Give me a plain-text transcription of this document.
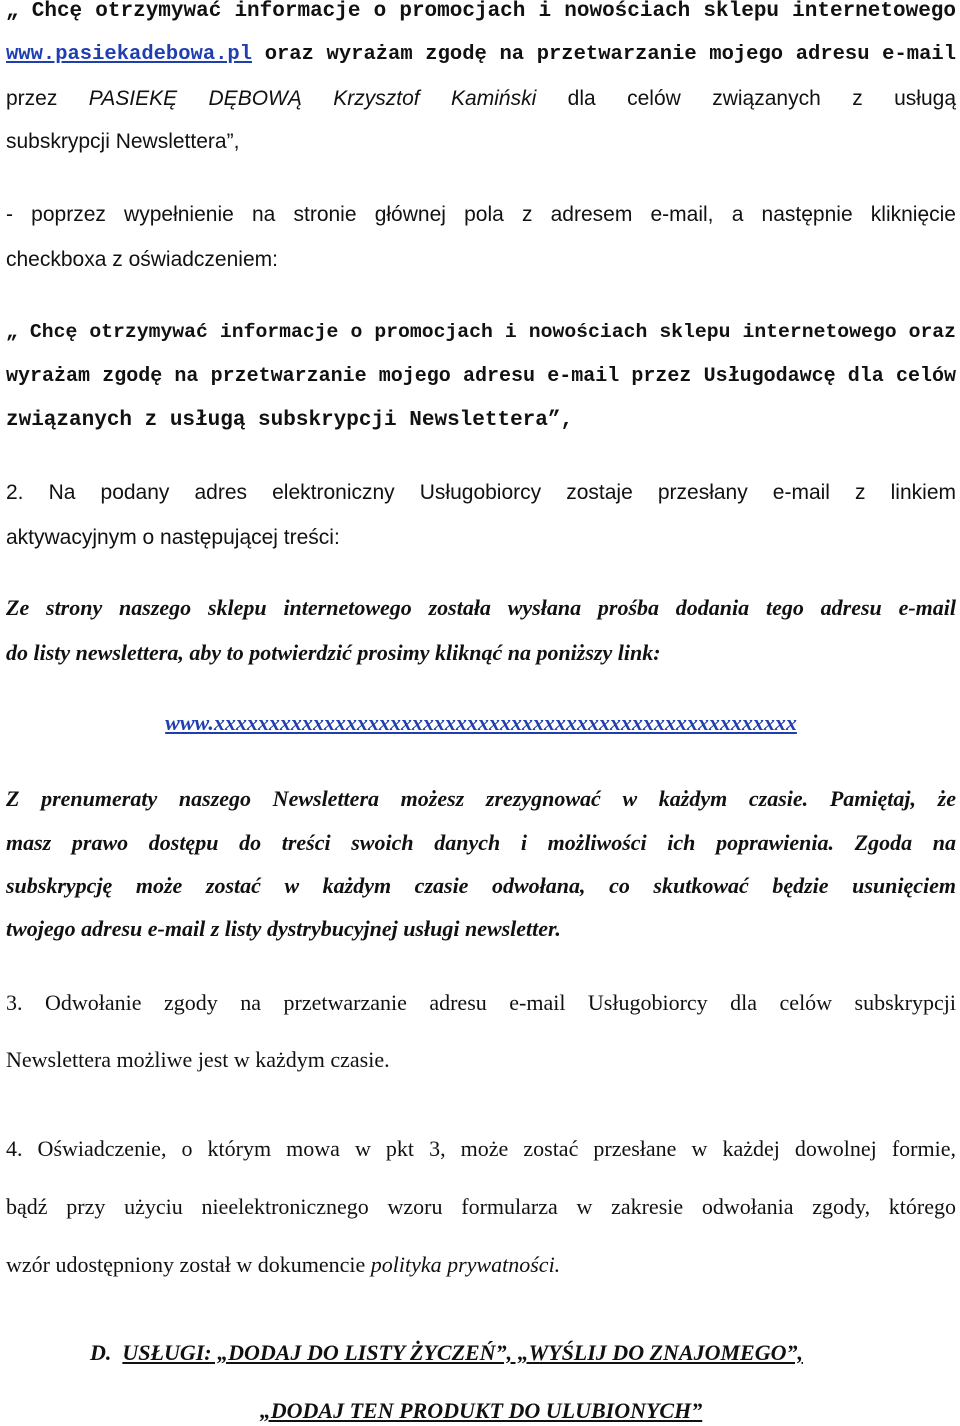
„ Chcę otrzymywać informacje o promocjach i nowościach sklepu internetowego
www.pasiekadebowa.pl oraz wyrażam zgodę na przetwarzanie mojego adresu e-mail
przez PASIEKĘ DĘBOWĄ Krzysztof Kamiński dla celów związanych z usługą
subskrypcji Newslettera”,
- poprzez wypełnienie na stronie głównej pola z adresem e-mail, a następnie kliknięcie
checkboxa z oświadczeniem:
„ Chcę otrzymywać informacje o promocjach i nowościach sklepu internetowego oraz
wyrażam zgodę na przetwarzanie mojego adresu e-mail przez Usługodawcę dla celów
związanych z usługą subskrypcji Newslettera”,
2. Na podany adres elektroniczny Usługobiorcy zostaje przesłany e-mail z linkiem
aktywacyjnym o następującej treści:
Ze strony naszego sklepu internetowego została wysłana prośba dodania tego adresu e-mail
do listy newslettera, aby to potwierdzić prosimy kliknąć na poniższy link:
www.xxxxxxxxxxxxxxxxxxxxxxxxxxxxxxxxxxxxxxxxxxxxxxxxxxxxx
Z prenumeraty naszego Newslettera możesz zrezygnować w każdym czasie. Pamiętaj, że
masz prawo dostępu do treści swoich danych i możliwości ich poprawienia. Zgoda na
subskrypcję może zostać w każdym czasie odwołana, co skutkować będzie usunięciem
twojego adresu e-mail z listy dystrybucyjnej usługi newsletter.
3. Odwołanie zgody na przetwarzanie adresu e-mail Usługobiorcy dla celów subskrypcji
Newslettera możliwe jest w każdym czasie.
4. Oświadczenie, o którym mowa w pkt 3, może zostać przesłane w każdej dowolnej formie,
bądź przy użyciu nieelektronicznego wzoru formularza w zakresie odwołania zgody, którego
wzór udostępniony został w dokumencie polityka prywatności.
D. USŁUGI: „DODAJ DO LISTY ŻYCZEŃ”, „WYŚLIJ DO ZNAJOMEGO”,
„DODAJ TEN PRODUKT DO ULUBIONYCH”
